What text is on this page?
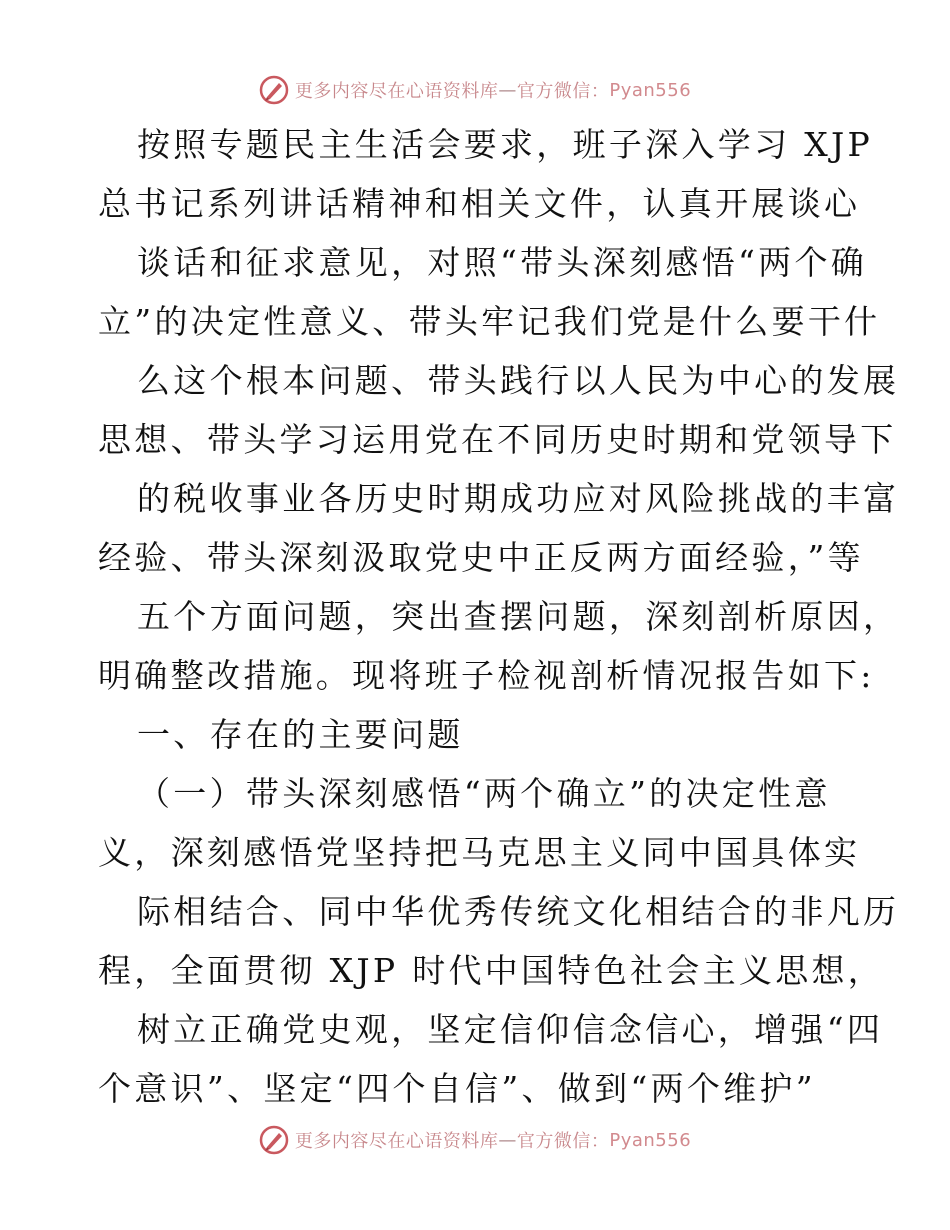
更多内容尽在心语资料库 — 官方微信： Pyan556
按照专题民主生活会要求，班子深入学习 XJP
总书记系列讲话精神和相关文件，认真开展谈心
谈话和征求意见，对照“带头深刻感悟“两个确
立”的决定性意义、带头牢记我们党是什么要干什
么这个根本问题、带头践行以人民为中心的发展
思想、带头学习运用党在不同历史时期和党领导下
的税收事业各历史时期成功应对风险挑战的丰富
经验、带头深刻汲取党史中正反两方面经验，”等
五个方面问题，突出查摆问题，深刻剖析原因，
明确整改措施。现将班子检视剖析情况报告如下:
一、存在的主要问题
（一）带头深刻感悟“两个确立”的决定性意
义，深刻感悟党坚持把马克思主义同中国具体实
际相结合、同中华优秀传统文化相结合的非凡历
程，全面贯彻 XJP 时代中国特色社会主义思想，
树立正确党史观，坚定信仰信念信心，增强“四
个意识”、坚定“四个自信”、做到“两个维护”
更多内容尽在心语资料库 — 官方微信： Pyan556
